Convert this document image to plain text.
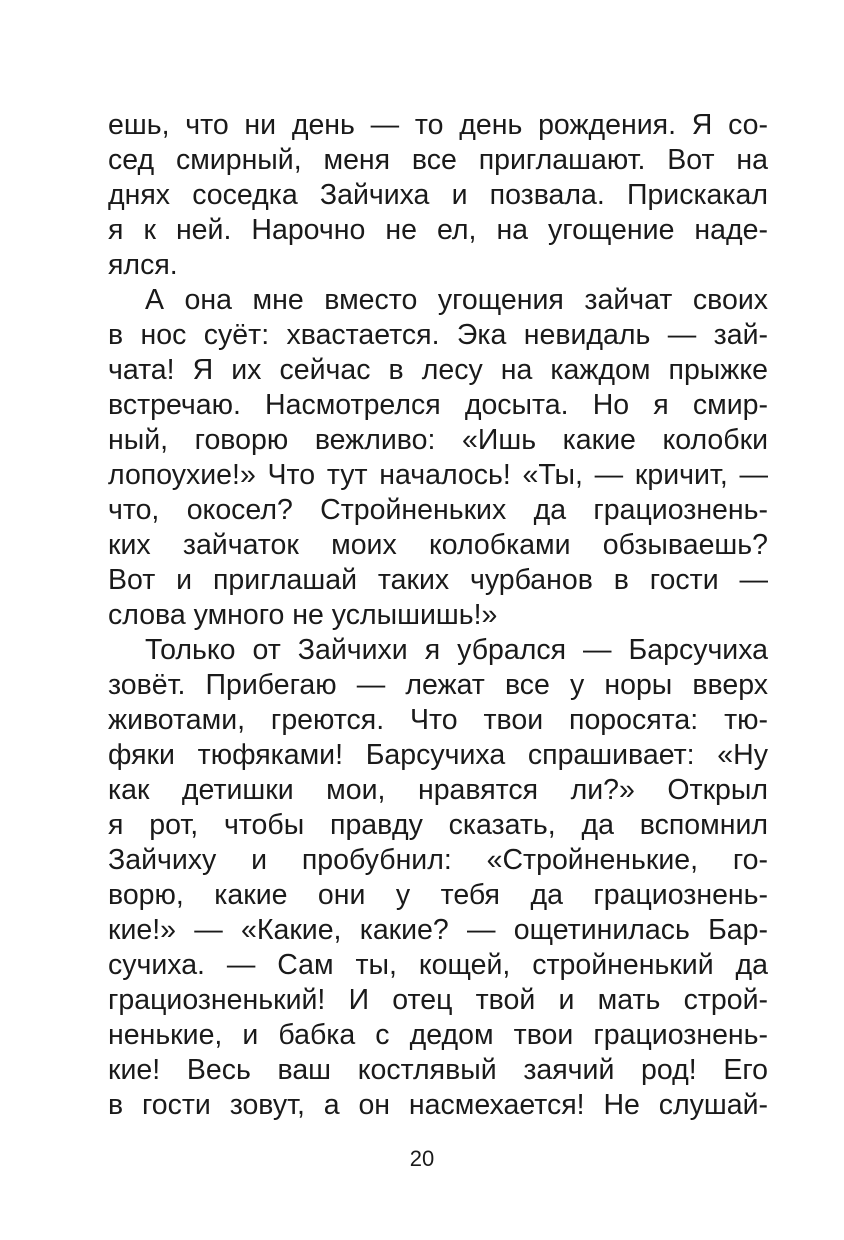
ешь, что ни день — то день рождения. Я со-
сед смирный, меня все приглашают. Вот на
днях соседка Зайчиха и позвала. Прискакал
я к ней. Нарочно не ел, на угощение наде-
ялся.
А она мне вместо угощения зайчат своих
в нос суёт: хвастается. Эка невидаль — зай-
чата! Я их сейчас в лесу на каждом прыжке
встречаю. Насмотрелся досыта. Но я смир-
ный, говорю вежливо: «Ишь какие колобки
лопоухие!» Что тут началось! «Ты, — кричит, —
что, окосел? Стройненьких да грациознень-
ких зайчаток моих колобками обзываешь?
Вот и приглашай таких чурбанов в гости —
слова умного не услышишь!»
Только от Зайчихи я убрался — Барсучиха
зовёт. Прибегаю — лежат все у норы вверх
животами, греются. Что твои поросята: тю-
фяки тюфяками! Барсучиха спрашивает: «Ну
как детишки мои, нравятся ли?» Открыл
я рот, чтобы правду сказать, да вспомнил
Зайчиху и пробубнил: «Стройненькие, го-
ворю, какие они у тебя да грациознень-
кие!» — «Какие, какие? — ощетинилась Бар-
сучиха. — Сам ты, кощей, стройненький да
грациозненький! И отец твой и мать строй-
ненькие, и бабка с дедом твои грациознень-
кие! Весь ваш костлявый заячий род! Его
в гости зовут, а он насмехается! Не слушай-
20
